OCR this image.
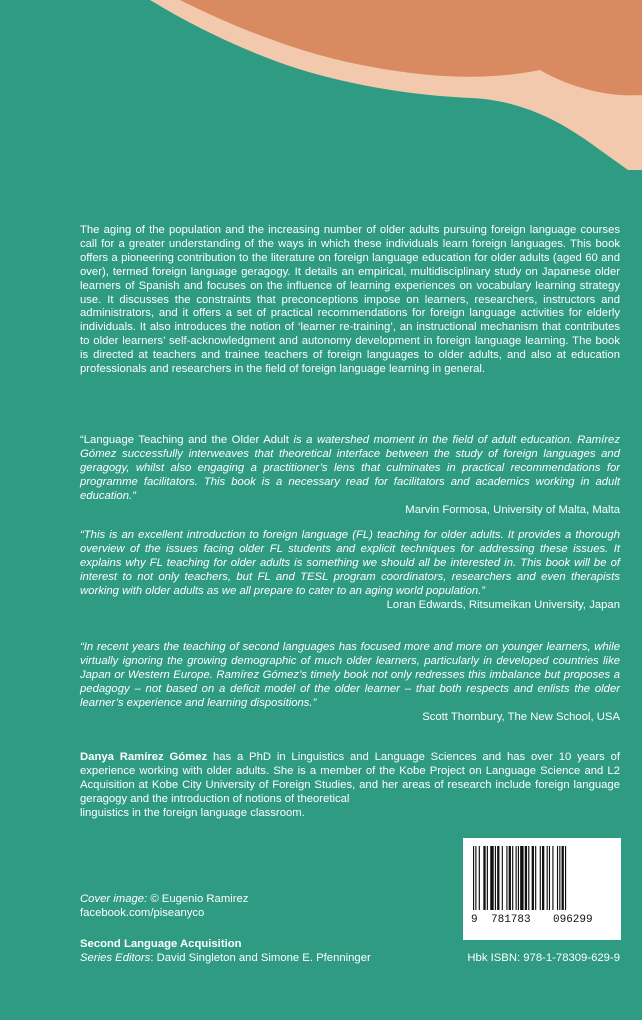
The aging of the population and the increasing number of older adults pursuing foreign language courses call for a greater understanding of the ways in which these individuals learn foreign languages. This book offers a pioneering contribution to the literature on foreign language education for older adults (aged 60 and over), termed foreign language geragogy. It details an empirical, multidisciplinary study on Japanese older learners of Spanish and focuses on the influence of learning experiences on vocabulary learning strategy use. It discusses the constraints that preconceptions impose on learners, researchers, instructors and administrators, and it offers a set of practical recommendations for foreign language activities for elderly individuals. It also introduces the notion of ‘learner re-training’, an instructional mechanism that contributes to older learners’ self-acknowledgment and autonomy development in foreign language learning. The book is directed at teachers and trainee teachers of foreign languages to older adults, and also at education professionals and researchers in the field of foreign language learning in general.
“Language Teaching and the Older Adult is a watershed moment in the field of adult education. Ramírez Gómez successfully interweaves that theoretical interface between the study of foreign languages and geragogy, whilst also engaging a practitioner’s lens that culminates in practical recommendations for programme facilitators. This book is a necessary read for facilitators and academics working in adult education.”
Marvin Formosa, University of Malta, Malta
“This is an excellent introduction to foreign language (FL) teaching for older adults. It provides a thorough overview of the issues facing older FL students and explicit techniques for addressing these issues. It explains why FL teaching for older adults is something we should all be interested in. This book will be of interest to not only teachers, but FL and TESL program coordinators, researchers and even therapists working with older adults as we all prepare to cater to an aging world population.”
Loran Edwards, Ritsumeikan University, Japan
“In recent years the teaching of second languages has focused more and more on younger learners, while virtually ignoring the growing demographic of much older learners, particularly in developed countries like Japan or Western Europe. Ramírez Gómez’s timely book not only redresses this imbalance but proposes a pedagogy – not based on a deficit model of the older learner – that both respects and enlists the older learner’s experience and learning dispositions.”
Scott Thornbury, The New School, USA
Danya Ramírez Gómez has a PhD in Linguistics and Language Sciences and has over 10 years of experience working with older adults. She is a member of the Kobe Project on Language Science and L2 Acquisition at Kobe City University of Foreign Studies, and her areas of research include foreign language geragogy and the introduction of notions of theoretical
linguistics in the foreign language classroom.
Cover image: © Eugenio Ramirez
facebook.com/piseanyco
Second Language Acquisition
Series Editors: David Singleton and Simone E. Pfenninger	Hbk ISBN: 978-1-78309-629-9
9 781783 096299
